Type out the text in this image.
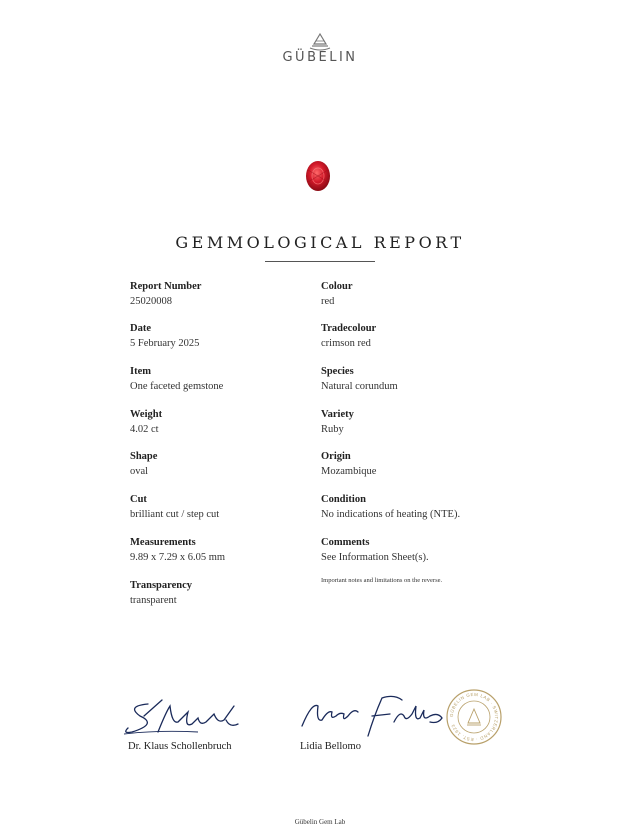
GÜBELIN
GEMMOLOGICAL REPORT
Report Number
25020008
Date
5 February 2025
Item
One faceted gemstone
Weight
4.02 ct
Shape
oval
Cut
brilliant cut / step cut
Measurements
9.89 x 7.29 x 6.05 mm
Transparency
transparent
Colour
red
Tradecolour
crimson red
Species
Natural corundum
Variety
Ruby
Origin
Mozambique
Condition
No indications of heating (NTE).
Comments
See Information Sheet(s).
Important notes and limitations on the reverse.
Dr. Klaus Schollenbruch	Lidia Bellomo
GÜBELIN GEM LAB · SWITZERLAND · EST. 1923
Gübelin Gem Lab
